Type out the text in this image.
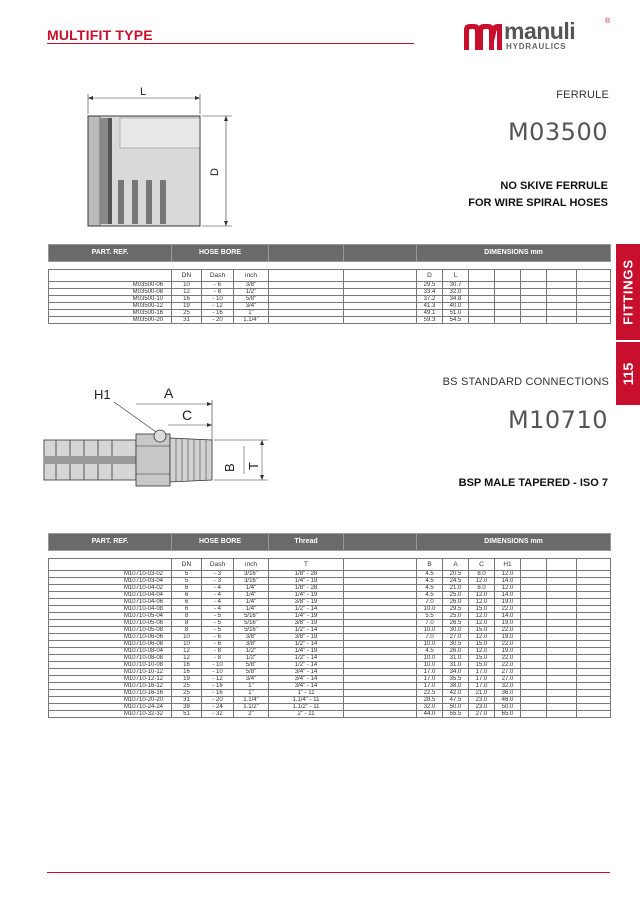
MULTIFIT TYPE	manuli
HYDRAULICS
®
FITTINGS
115
L
D
FERRULE
M03500
NO SKIVE FERRULE
FOR WIRE SPIRAL HOSES
PART. REF.	HOSE BORE					DIMENSIONS mm						

	DN	Dash	inch			D	L					
M03500-06	10	- 6	3/8"			29.5	30.7					
M03500-08	12	- 8	1/2"			33.4	32.0					
M03500-10	16	- 10	5/8"			37.2	34.8					
M03500-12	19	- 12	3/4"			41.3	40.0					
M03500-16	25	- 16	1"			49.1	51.0					
M03500-20	31	- 20	1.1/4"			59.3	54.5					
H1	A
C
B T
BS STANDARD CONNECTIONS
M10710
BSP MALE TAPERED - ISO 7
PART. REF.	HOSE BORE			Thread		DIMENSIONS mm						

	DN	Dash	inch	T		B	A	C	H1			
M10710-03-02	5	- 3	3/16"	1/8" - 28		4.5	20.5	8.0	12.0			
M10710-03-04	5	- 3	3/16"	1/4" - 19		4.5	24.5	12.0	14.0			
M10710-04-02	6	- 4	1/4"	1/8" - 28		4.5	21.0	8.0	12.0			
M10710-04-04	6	- 4	1/4"	1/4" - 19		4.5	25.0	12.0	14.0			
M10710-04-06	6	- 4	1/4"	3/8" - 19		7.0	26.0	12.0	19.0			
M10710-04-08	6	- 4	1/4"	1/2" - 14		10.0	29.5	15.0	22.0			
M10710-05-04	8	- 5	5/16"	1/4" - 19		5.5	25.0	12.0	14.0			
M10710-05-06	8	- 5	5/16"	3/8" - 19		7.0	26.5	12.0	19.0			
M10710-05-08	8	- 5	5/16"	1/2" - 14		10.0	30.0	15.0	22.0			
M10710-06-06	10	- 6	3/8"	3/8" - 19		7.0	27.0	12.0	19.0			
M10710-06-08	10	- 6	3/8"	1/2" - 14		10.0	30.5	15.0	22.0			
M10710-08-04	12	- 8	1/2"	1/4" - 19		4.5	26.0	12.0	19.0			
M10710-08-08	12	- 8	1/2"	1/2" - 14		10.0	31.0	15.0	22.0			
M10710-10-08	16	- 10	5/8"	1/2" - 14		10.0	31.0	15.0	22.0			
M10710-10-12	16	- 10	5/8"	3/4" - 14		17.0	34.0	17.0	27.0			
M10710-12-12	19	- 12	3/4"	3/4" - 14		17.0	35.5	17.0	27.0			
M10710-16-12	25	- 16	1"	3/4" - 14		17.0	38.0	17.0	32.0			
M10710-16-16	25	- 16	1"	1" - 11		22.5	42.0	21.0	36.0			
M10710-20-20	31	- 20	1.1/4"	1.1/4" - 11		28.5	47.5	23.0	46.0			
M10710-24-24	38	- 24	1.1/2"	1.1/2" - 11		32.0	50.0	23.0	50.0			
M10710-32-32	51	- 32	2"	2" - 11		44.0	55.5	27.0	65.0			
